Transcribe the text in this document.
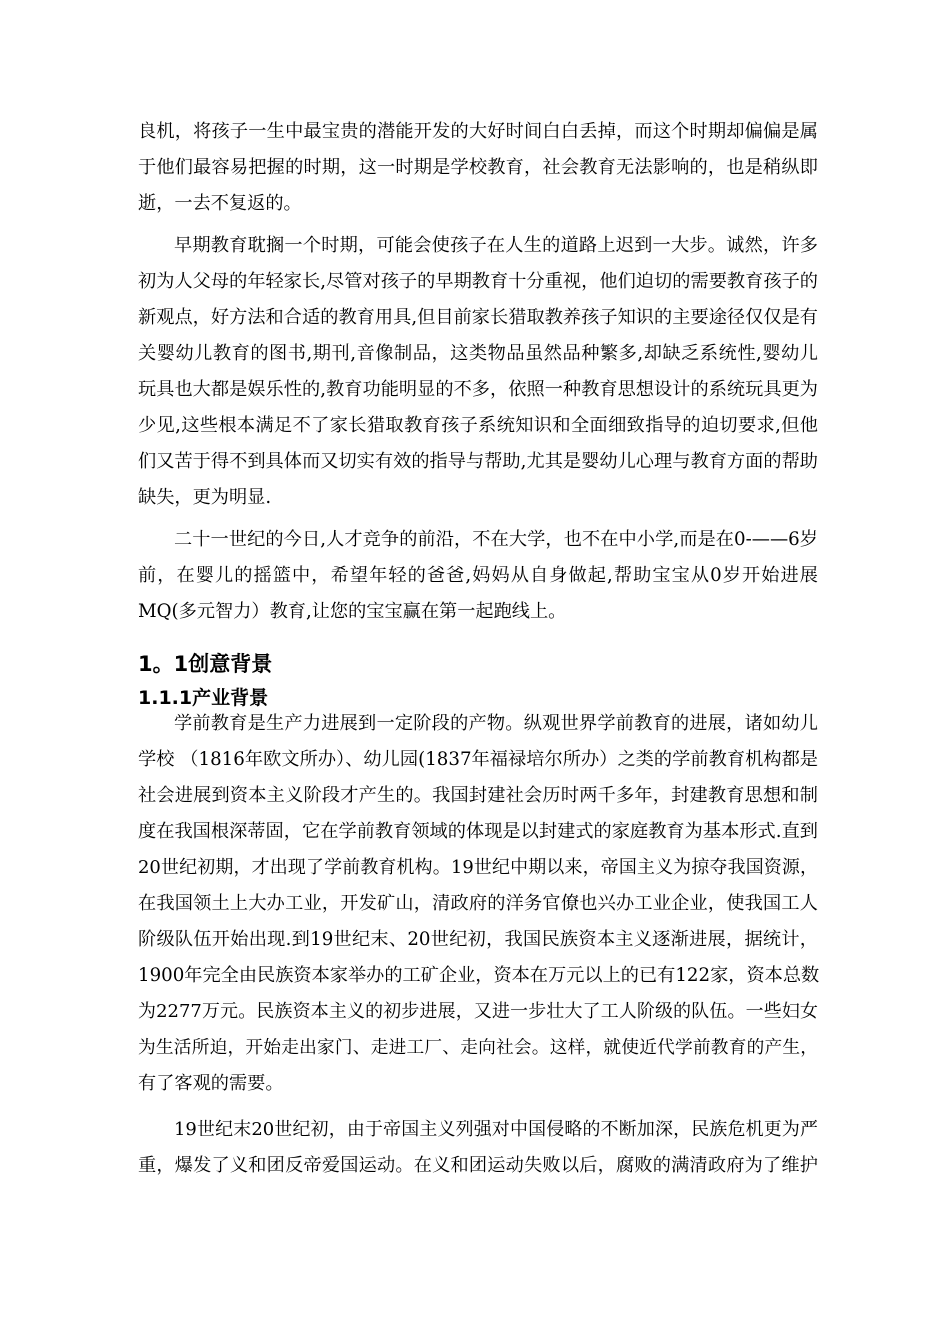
良机，将孩子一生中最宝贵的潜能开发的大好时间白白丢掉，而这个时期却偏偏是属

于他们最容易把握的时期，这一时期是学校教育，社会教育无法影响的，也是稍纵即

逝，一去不复返的。

早期教育耽搁一个时期，可能会使孩子在人生的道路上迟到一大步。诚然，许多

初为人父母的年轻家长,尽管对孩子的早期教育十分重视，他们迫切的需要教育孩子的

新观点，好方法和合适的教育用具,但目前家长猎取教养孩子知识的主要途径仅仅是有

关婴幼儿教育的图书,期刊,音像制品，这类物品虽然品种繁多,却缺乏系统性,婴幼儿

玩具也大都是娱乐性的,教育功能明显的不多，依照一种教育思想设计的系统玩具更为

少见,这些根本满足不了家长猎取教育孩子系统知识和全面细致指导的迫切要求,但他

们又苦于得不到具体而又切实有效的指导与帮助,尤其是婴幼儿心理与教育方面的帮助

缺失，更为明显.

二十一世纪的今日,人才竞争的前沿，不在大学，也不在中小学,而是在0-——6岁

前，在婴儿的摇篮中，希望年轻的爸爸,妈妈从自身做起,帮助宝宝从0岁开始进展

MQ(多元智力）教育,让您的宝宝赢在第一起跑线上。

1。1创意背景
1.1.1产业背景

学前教育是生产力进展到一定阶段的产物。纵观世界学前教育的进展，诸如幼儿

学校 （1816年欧文所办）、幼儿园(1837年福禄培尔所办）之类的学前教育机构都是

社会进展到资本主义阶段才产生的。我国封建社会历时两千多年，封建教育思想和制

度在我国根深蒂固，它在学前教育领域的体现是以封建式的家庭教育为基本形式.直到

20世纪初期，才出现了学前教育机构。19世纪中期以来，帝国主义为掠夺我国资源，

在我国领土上大办工业，开发矿山，清政府的洋务官僚也兴办工业企业，使我国工人

阶级队伍开始出现.到19世纪末、20世纪初，我国民族资本主义逐渐进展，据统计，

1900年完全由民族资本家举办的工矿企业，资本在万元以上的已有122家，资本总数

为2277万元。民族资本主义的初步进展，又进一步壮大了工人阶级的队伍。一些妇女

为生活所迫，开始走出家门、走进工厂、走向社会。这样，就使近代学前教育的产生，

有了客观的需要。

19世纪末20世纪初，由于帝国主义列强对中国侵略的不断加深，民族危机更为严

重，爆发了义和团反帝爱国运动。在义和团运动失败以后，腐败的满清政府为了维护
